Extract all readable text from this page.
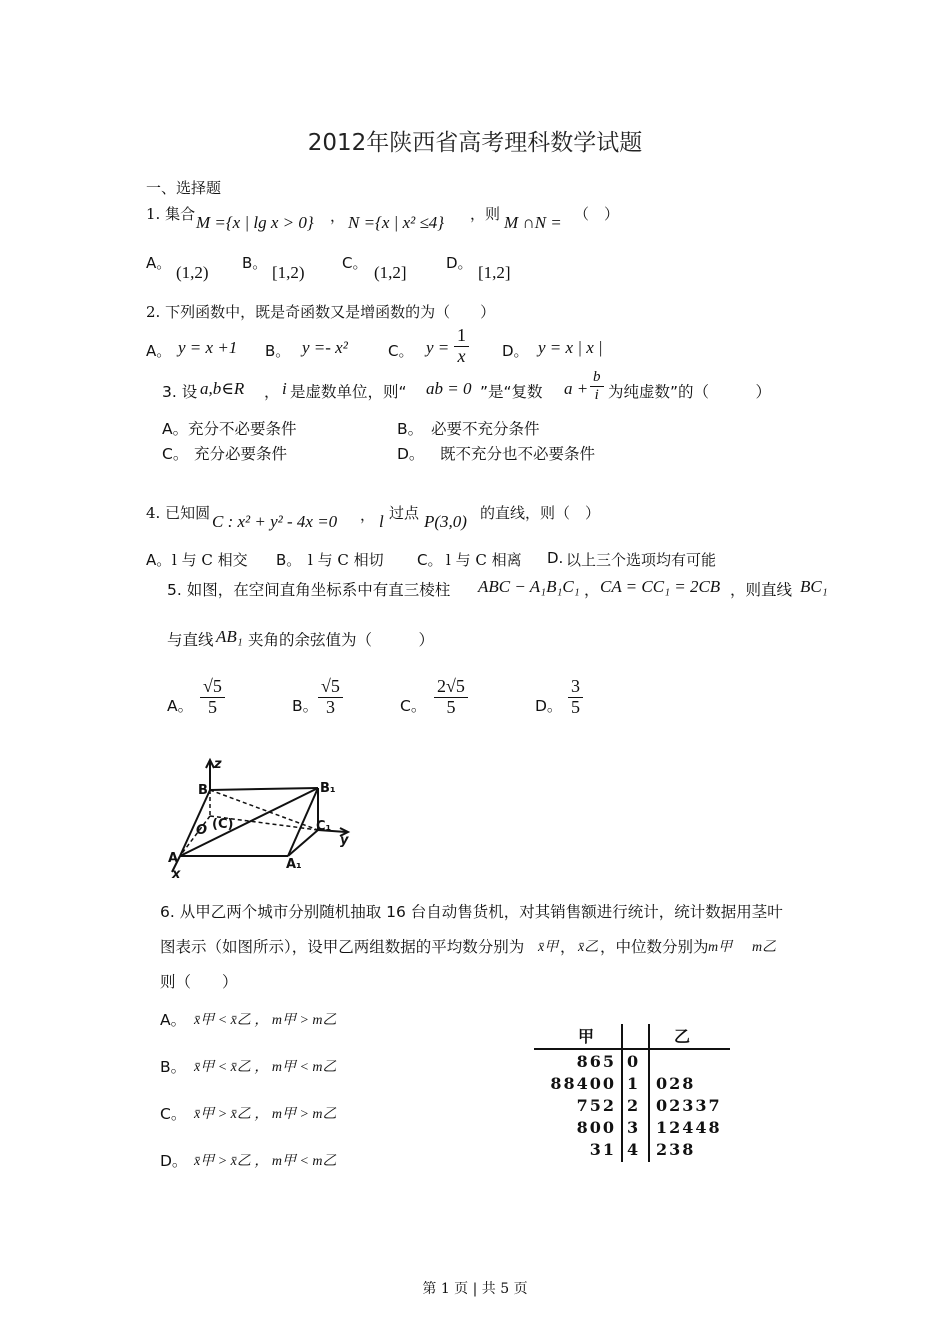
2012年陕西省高考理科数学试题
一、选择题
1. 集合 M ={x | lg x > 0} ， N ={x | x² ≤4} ，则 M ∩N = （　）
A。 (1,2) B。 [1,2) C。 (1,2]	D。 [1,2]
2. 下列函数中，既是奇函数又是增函数的为（　　）
A。 y = x +1 B。 y =- x²	C。 $y = \frac{1}{x}$ D。 y = x | x |
3. 设 a,b∈R ， i 是虚数单位，则“ ab = 0 ”是“复数 $a + \frac{b}{i}$ 为纯虚数”的（　　　）
A。 充分不必要条件	B。 必要不充分条件
C。 充分必要条件	D。 既不充分也不必要条件
4. 已知圆 C : x² + y² - 4x =0 ， l 过点 P(3,0) 的直线，则（　）
A。 l 与 C 相交 B。 l 与 C 相切 C。 l 与 C 相离 D. 以上三个选项均有可能
5. 如图，在空间直角坐标系中有直三棱柱 ABC − A₁B₁C₁ ， CA = CC₁ = 2CB ，则直线 BC₁
与直线 AB₁ 夹角的余弦值为（　　　）
A。 $\frac{√5}{5}$	B。 $\frac{√5}{3}$	C。 $\frac{2√5}{5}$	D。 $\frac{3}{5}$
z
B	B₁
O (C)	C₁
y
A	A₁
x
6. 从甲乙两个城市分别随机抽取 16 台自动售货机，对其销售额进行统计，统计数据用茎叶
图表示（如图所示），设甲乙两组数据的平均数分别为 x̄甲 ， x̄乙 ，中位数分别为 m甲 m乙
则（　　）
A。 x̄甲 < x̄乙 ， m甲 > m乙
B。 x̄甲 < x̄乙 ， m甲 < m乙
C。 x̄甲 > x̄乙 ， m甲 > m乙
D。 x̄甲 > x̄乙 ， m甲 < m乙
甲	乙
865 0
88400 1 028
752 2 02337
800 3 12448
31 4 238
第 1 页 | 共 5 页
